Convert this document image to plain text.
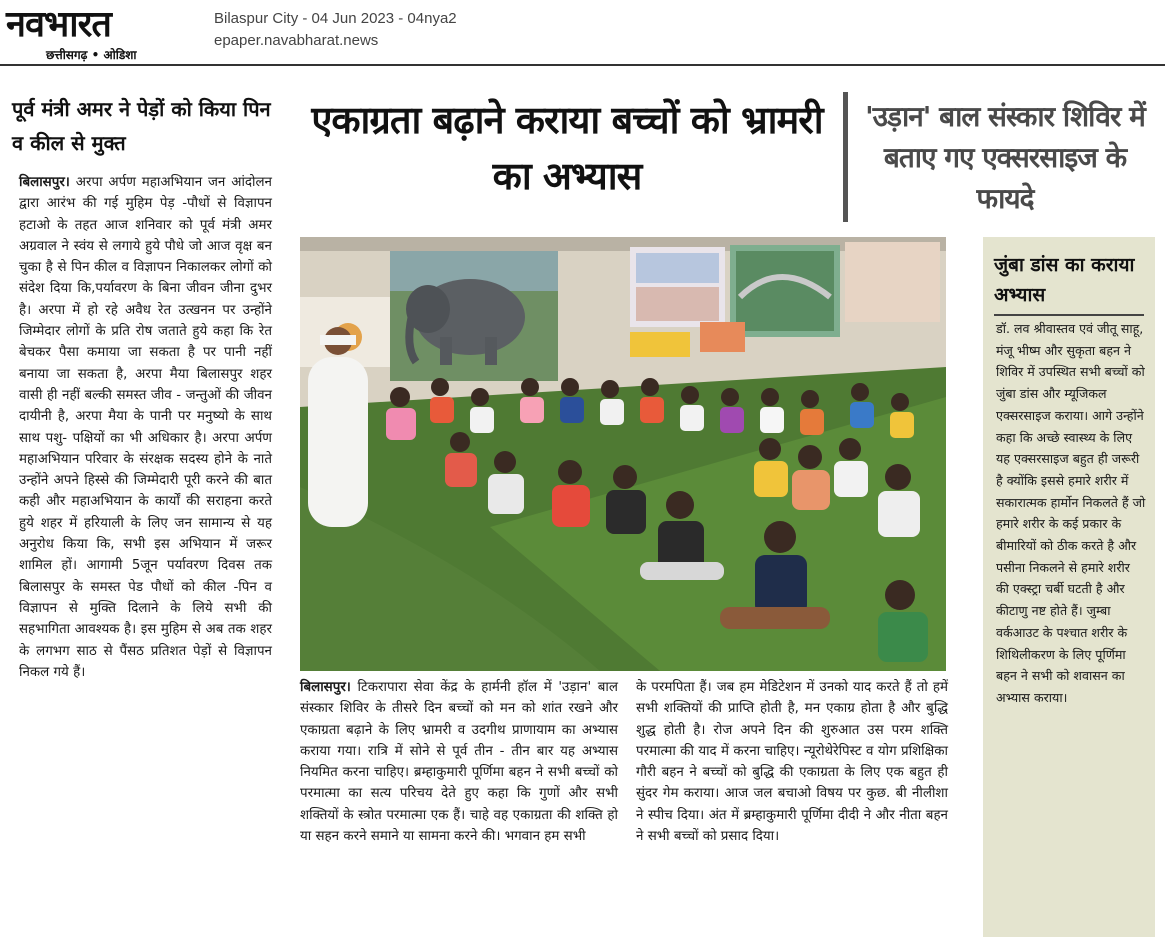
नवभारत
छत्तीसगढ़ • ओडिशा
Bilaspur City - 04 Jun 2023 - 04nya2
epaper.navabharat.news
पूर्व मंत्री अमर ने पेड़ों को किया पिन व कील से मुक्त

बिलासपुर। अरपा अर्पण महाअभियान जन आंदोलन द्वारा आरंभ की गई मुहिम पेड़ -पौधों से विज्ञापन हटाओ के तहत आज शनिवार को पूर्व मंत्री अमर अग्रवाल ने स्वंय से लगाये हुये पौधे जो आज वृक्ष बन चुका है से पिन कील व विज्ञापन निकालकर लोगों को संदेश दिया कि,पर्यावरण के बिना जीवन जीना दुभर है। अरपा में हो रहे अवैध रेत उत्खनन पर उन्होंने जिम्मेदार लोगों के प्रति रोष जताते हुये कहा कि रेत बेचकर पैसा कमाया जा सकता है पर पानी नहीं बनाया जा सकता है, अरपा मैया बिलासपुर शहर वासी ही नहीं बल्की समस्त जीव - जन्तुओं की जीवन दायीनी है, अरपा मैया के पानी पर मनुष्यो के साथ साथ पशु- पक्षियों का भी अधिकार है। अरपा अर्पण महाअभियान परिवार के संरक्षक सदस्य होने के नाते उन्होंने अपने हिस्से की जिम्मेदारी पूरी करने की बात कही और महाअभियान के कार्यों की सराहना करते हुये शहर में हरियाली के लिए जन सामान्य से यह अनुरोध किया कि, सभी इस अभियान में जरूर शामिल हों। आगामी 5जून पर्यावरण दिवस तक बिलासपुर के समस्त पेड पौधों को कील -पिन व विज्ञापन से मुक्ति दिलाने के लिये सभी की सहभागिता आवश्यक है। इस मुहिम से अब तक शहर के लगभग साठ से पैंसठ प्रतिशत पेड़ों से विज्ञापन निकल गये हैं।

एकाग्रता बढ़ाने कराया बच्चों को भ्रामरी का अभ्यास
'उड़ान' बाल संस्कार शिविर में बताए गए एक्सरसाइज के फायदे

बिलासपुर। टिकरापारा सेवा केंद्र के हार्मनी हॉल में 'उड़ान' बाल संस्कार शिविर के तीसरे दिन बच्चों को मन को शांत रखने और एकाग्रता बढ़ाने के लिए भ्रामरी व उदगीथ प्राणायाम का अभ्यास कराया गया। रात्रि में सोने से पूर्व तीन - तीन बार यह अभ्यास नियमित करना चाहिए। ब्रम्हाकुमारी पूर्णिमा बहन ने सभी बच्चों को परमात्मा का सत्य परिचय देते हुए कहा कि गुणों और सभी शक्तियों के स्त्रोत परमात्मा एक हैं। चाहे वह एकाग्रता की शक्ति हो या सहन करने समाने या सामना करने की। भगवान हम सभी

के परमपिता हैं। जब हम मेडिटेशन में उनको याद करते हैं तो हमें सभी शक्तियों की प्राप्ति होती है, मन एकाग्र होता है और बुद्धि शुद्ध होती है। रोज अपने दिन की शुरुआत उस परम शक्ति परमात्मा की याद में करना चाहिए। न्यूरोथेरेपिस्ट व योग प्रशिक्षिका गौरी बहन ने बच्चों को बुद्धि की एकाग्रता के लिए एक बहुत ही सुंदर गेम कराया। आज जल बचाओ विषय पर कुछ. बी नीलीशा ने स्पीच दिया। अंत में ब्रम्हाकुमारी पूर्णिमा दीदी ने और नीता बहन ने सभी बच्चों को प्रसाद दिया।

जुंबा डांस का कराया अभ्यास
डॉ. लव श्रीवास्तव एवं जीतू साहू, मंजू भीष्म और सुकृता बहन ने शिविर में उपस्थित सभी बच्चों को जुंबा डांस और म्यूजिकल एक्सरसाइज कराया। आगे उन्होंने कहा कि अच्छे स्वास्थ्य के लिए यह एक्सरसाइज बहुत ही जरूरी है क्योंकि इससे हमारे शरीर में सकारात्मक हार्मोन निकलते हैं जो हमारे शरीर के कई प्रकार के बीमारियों को ठीक करते है और पसीना निकलने से हमारे शरीर की एक्स्ट्रा चर्बी घटती है और कीटाणु नष्ट होते हैं। जुम्बा वर्कआउट के पश्चात शरीर के शिथिलीकरण के लिए पूर्णिमा बहन ने सभी को शवासन का अभ्यास कराया।
